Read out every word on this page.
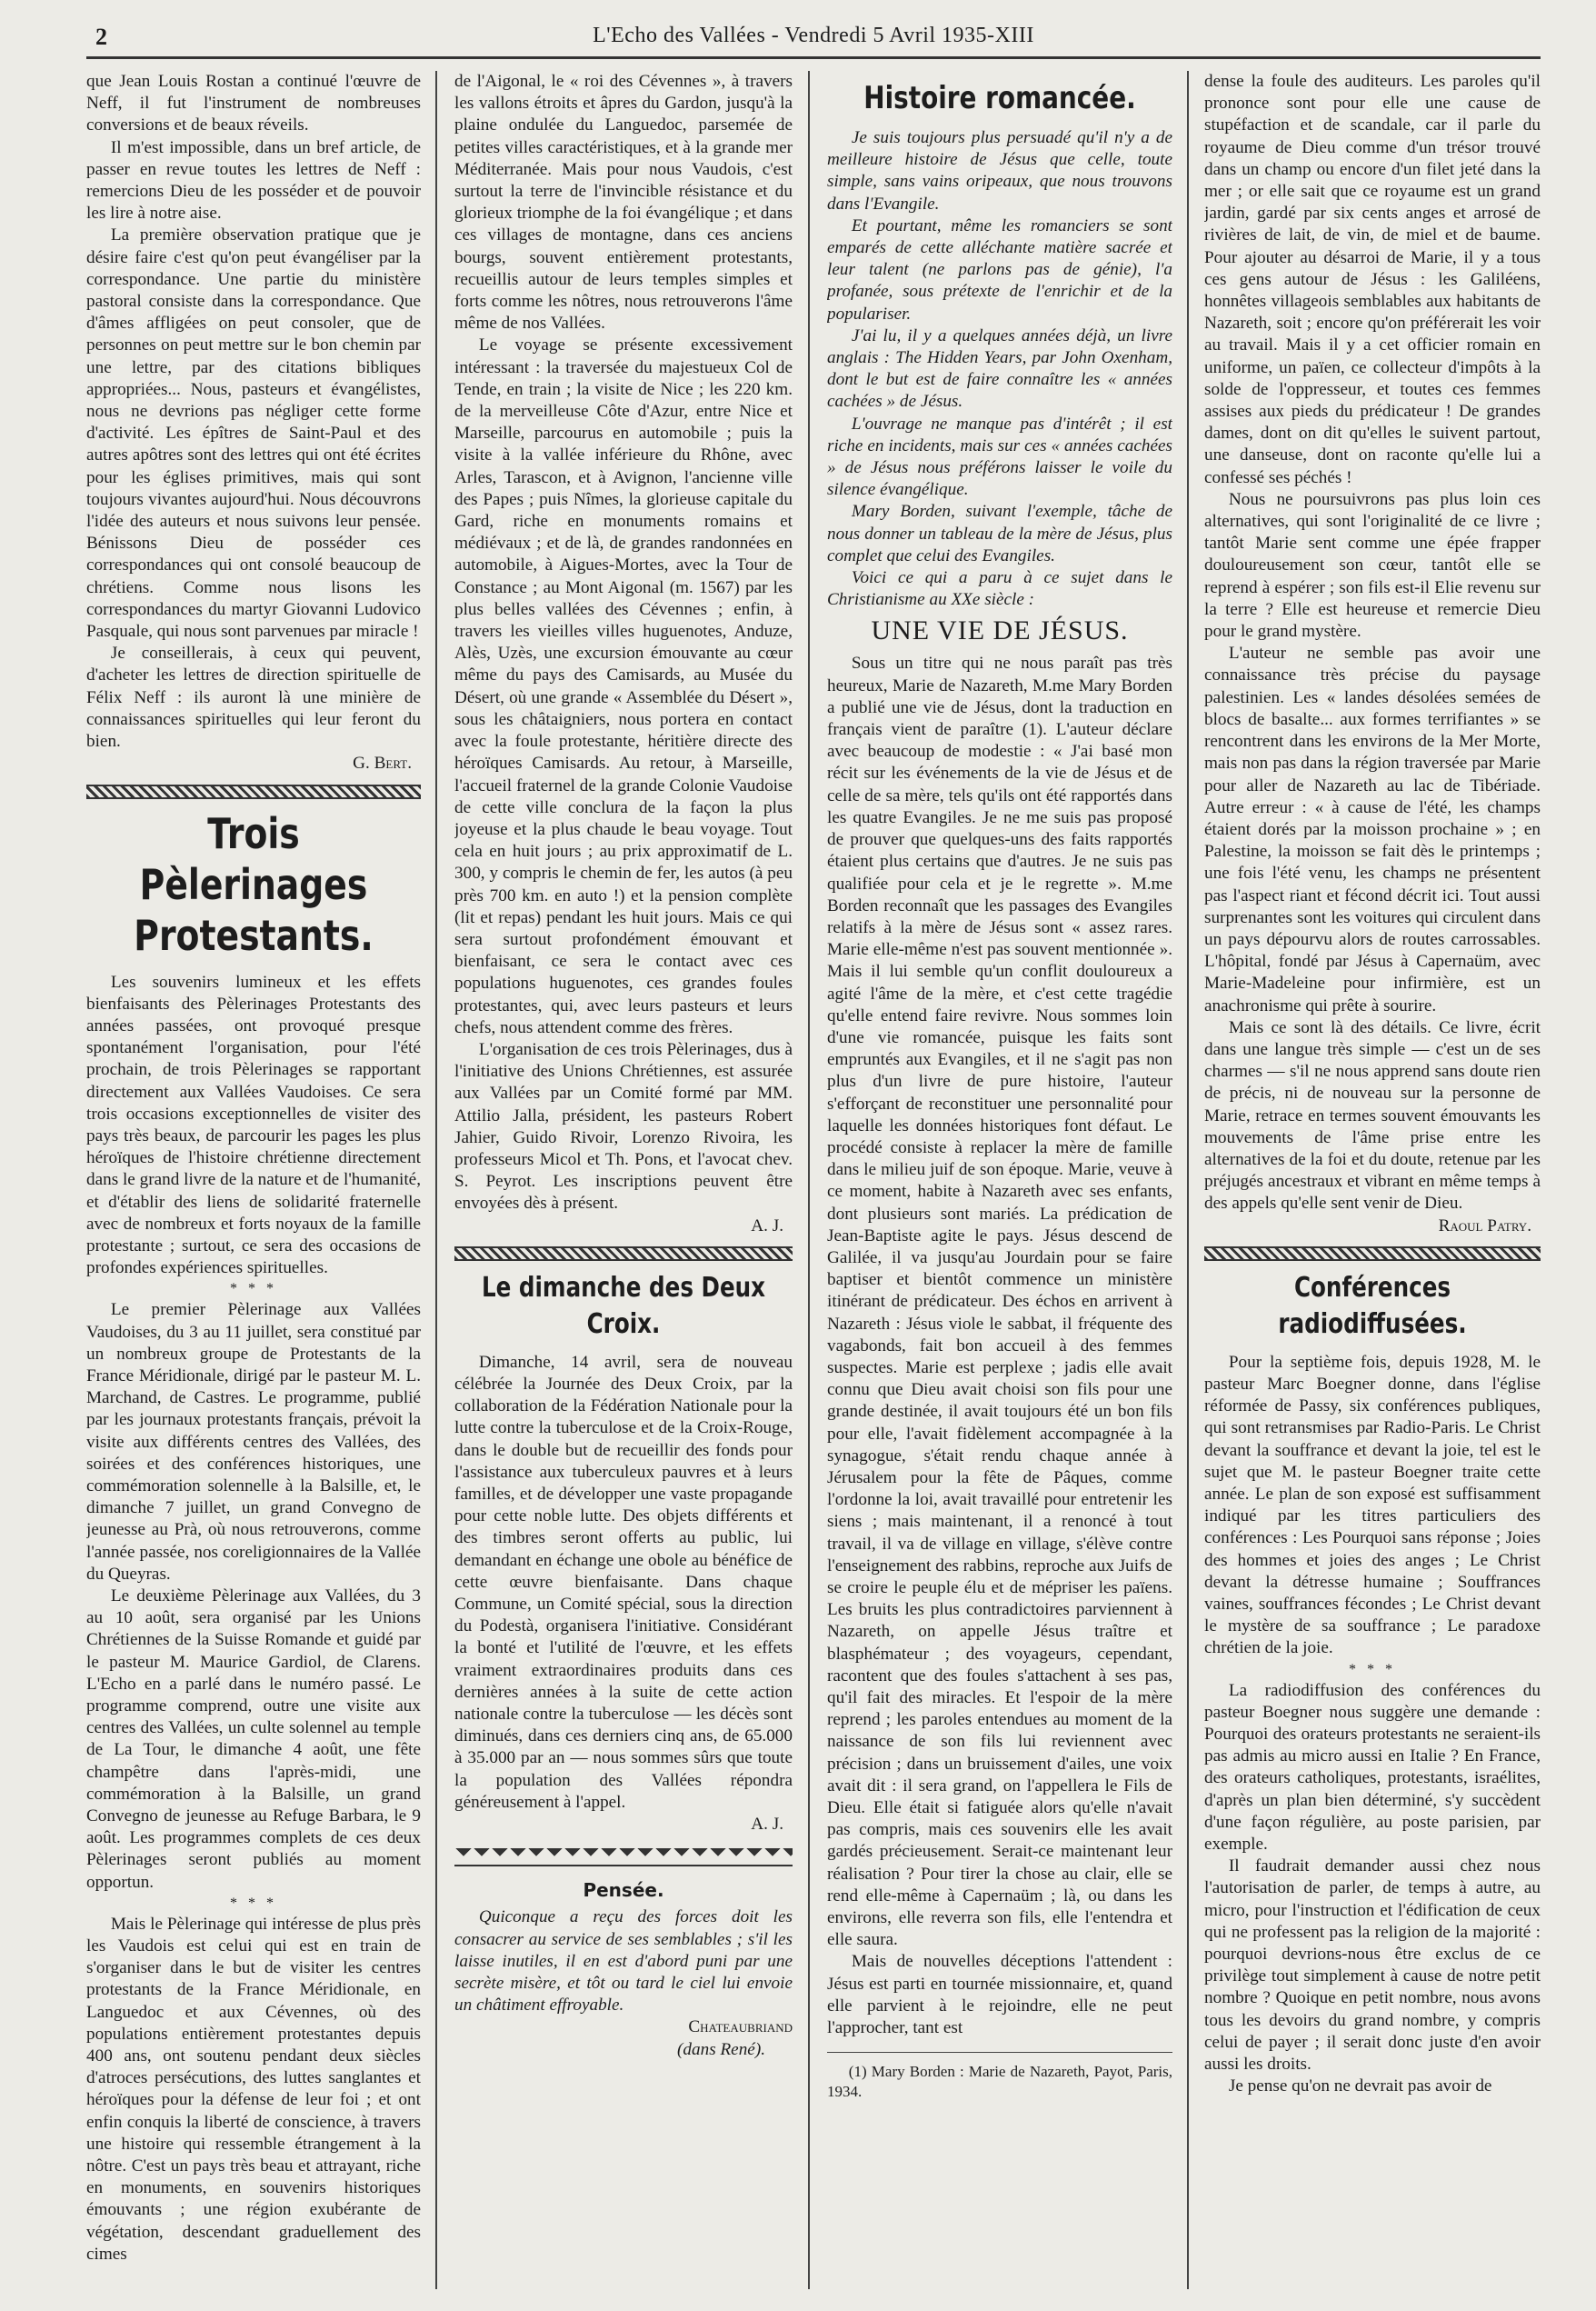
2	L'Echo des Vallées - Vendredi 5 Avril 1935-XIII

que Jean Louis Rostan a continué l'œuvre de Neff, il fut l'instrument de nombreuses conversions et de beaux réveils.

Il m'est impossible, dans un bref article, de passer en revue toutes les lettres de Neff : remercions Dieu de les posséder et de pouvoir les lire à notre aise.

La première observation pratique que je désire faire c'est qu'on peut évangéliser par la correspondance. Une partie du ministère pastoral consiste dans la correspondance. Que d'âmes affligées on peut consoler, que de personnes on peut mettre sur le bon chemin par une lettre, par des citations bibliques appropriées... Nous, pasteurs et évangélistes, nous ne devrions pas négliger cette forme d'activité. Les épîtres de Saint-Paul et des autres apôtres sont des lettres qui ont été écrites pour les églises primitives, mais qui sont toujours vivantes aujourd'hui. Nous découvrons l'idée des auteurs et nous suivons leur pensée. Bénissons Dieu de posséder ces correspondances qui ont consolé beaucoup de chrétiens. Comme nous lisons les correspondances du martyr Giovanni Ludovico Pasquale, qui nous sont parvenues par miracle !

Je conseillerais, à ceux qui peuvent, d'acheter les lettres de direction spirituelle de Félix Neff : ils auront là une minière de connaissances spirituelles qui leur feront du bien.

G. Bert.
Trois Pèlerinages Protestants.

Les souvenirs lumineux et les effets bienfaisants des Pèlerinages Protestants des années passées, ont provoqué presque spontanément l'organisation, pour l'été prochain, de trois Pèlerinages se rapportant directement aux Vallées Vaudoises. Ce sera trois occasions exceptionnelles de visiter des pays très beaux, de parcourir les pages les plus héroïques de l'histoire chrétienne directement dans le grand livre de la nature et de l'humanité, et d'établir des liens de solidarité fraternelle avec de nombreux et forts noyaux de la famille protestante ; surtout, ce sera des occasions de profondes expériences spirituelles.

* * *

Le premier Pèlerinage aux Vallées Vaudoises, du 3 au 11 juillet, sera constitué par un nombreux groupe de Protestants de la France Méridionale, dirigé par le pasteur M. L. Marchand, de Castres. Le programme, publié par les journaux protestants français, prévoit la visite aux différents centres des Vallées, des soirées et des conférences historiques, une commémoration solennelle à la Balsille, et, le dimanche 7 juillet, un grand Convegno de jeunesse au Prà, où nous retrouverons, comme l'année passée, nos coreligionnaires de la Vallée du Queyras.

Le deuxième Pèlerinage aux Vallées, du 3 au 10 août, sera organisé par les Unions Chrétiennes de la Suisse Romande et guidé par le pasteur M. Maurice Gardiol, de Clarens. L'Echo en a parlé dans le numéro passé. Le programme comprend, outre une visite aux centres des Vallées, un culte solennel au temple de La Tour, le dimanche 4 août, une fête champêtre dans l'après-midi, une commémoration à la Balsille, un grand Convegno de jeunesse au Refuge Barbara, le 9 août. Les programmes complets de ces deux Pèlerinages seront publiés au moment opportun.

* * *

Mais le Pèlerinage qui intéresse de plus près les Vaudois est celui qui est en train de s'organiser dans le but de visiter les centres protestants de la France Méridionale, en Languedoc et aux Cévennes, où des populations entièrement protestantes depuis 400 ans, ont soutenu pendant deux siècles d'atroces persécutions, des luttes sanglantes et héroïques pour la défense de leur foi ; et ont enfin conquis la liberté de conscience, à travers une histoire qui ressemble étrangement à la nôtre. C'est un pays très beau et attrayant, riche en monuments, en souvenirs historiques émouvants ; une région exubérante de végétation, descendant graduellement des cimes

de l'Aigonal, le « roi des Cévennes », à travers les vallons étroits et âpres du Gardon, jusqu'à la plaine ondulée du Languedoc, parsemée de petites villes caractéristiques, et à la grande mer Méditerranée. Mais pour nous Vaudois, c'est surtout la terre de l'invincible résistance et du glorieux triomphe de la foi évangélique ; et dans ces villages de montagne, dans ces anciens bourgs, souvent entièrement protestants, recueillis autour de leurs temples simples et forts comme les nôtres, nous retrouverons l'âme même de nos Vallées.

Le voyage se présente excessivement intéressant : la traversée du majestueux Col de Tende, en train ; la visite de Nice ; les 220 km. de la merveilleuse Côte d'Azur, entre Nice et Marseille, parcourus en automobile ; puis la visite à la vallée inférieure du Rhône, avec Arles, Tarascon, et à Avignon, l'ancienne ville des Papes ; puis Nîmes, la glorieuse capitale du Gard, riche en monuments romains et médiévaux ; et de là, de grandes randonnées en automobile, à Aigues-Mortes, avec la Tour de Constance ; au Mont Aigonal (m. 1567) par les plus belles vallées des Cévennes ; enfin, à travers les vieilles villes huguenotes, Anduze, Alès, Uzès, une excursion émouvante au cœur même du pays des Camisards, au Musée du Désert, où une grande « Assemblée du Désert », sous les châtaigniers, nous portera en contact avec la foule protestante, héritière directe des héroïques Camisards. Au retour, à Marseille, l'accueil fraternel de la grande Colonie Vaudoise de cette ville conclura de la façon la plus joyeuse et la plus chaude le beau voyage. Tout cela en huit jours ; au prix approximatif de L. 300, y compris le chemin de fer, les autos (à peu près 700 km. en auto !) et la pension complète (lit et repas) pendant les huit jours. Mais ce qui sera surtout profondément émouvant et bienfaisant, ce sera le contact avec ces populations huguenotes, ces grandes foules protestantes, qui, avec leurs pasteurs et leurs chefs, nous attendent comme des frères.

L'organisation de ces trois Pèlerinages, dus à l'initiative des Unions Chrétiennes, est assurée aux Vallées par un Comité formé par MM. Attilio Jalla, président, les pasteurs Robert Jahier, Guido Rivoir, Lorenzo Rivoira, les professeurs Micol et Th. Pons, et l'avocat chev. S. Peyrot. Les inscriptions peuvent être envoyées dès à présent.

A. J.
Le dimanche des Deux Croix.

Dimanche, 14 avril, sera de nouveau célébrée la Journée des Deux Croix, par la collaboration de la Fédération Nationale pour la lutte contre la tuberculose et de la Croix-Rouge, dans le double but de recueillir des fonds pour l'assistance aux tuberculeux pauvres et à leurs familles, et de développer une vaste propagande pour cette noble lutte. Des objets différents et des timbres seront offerts au public, lui demandant en échange une obole au bénéfice de cette œuvre bienfaisante. Dans chaque Commune, un Comité spécial, sous la direction du Podestà, organisera l'initiative. Considérant la bonté et l'utilité de l'œuvre, et les effets vraiment extraordinaires produits dans ces dernières années à la suite de cette action nationale contre la tuberculose — les décès sont diminués, dans ces derniers cinq ans, de 65.000 à 35.000 par an — nous sommes sûrs que toute la population des Vallées répondra généreusement à l'appel.

A. J.
Pensée.

Quiconque a reçu des forces doit les consacrer au service de ses semblables ; s'il les laisse inutiles, il en est d'abord puni par une secrète misère, et tôt ou tard le ciel lui envoie un châtiment effroyable.

Chateaubriand
(dans René).
Histoire romancée.

Je suis toujours plus persuadé qu'il n'y a de meilleure histoire de Jésus que celle, toute simple, sans vains oripeaux, que nous trouvons dans l'Evangile.

Et pourtant, même les romanciers se sont emparés de cette alléchante matière sacrée et leur talent (ne parlons pas de génie), l'a profanée, sous prétexte de l'enrichir et de la populariser.

J'ai lu, il y a quelques années déjà, un livre anglais : The Hidden Years, par John Oxenham, dont le but est de faire connaître les « années cachées » de Jésus.

L'ouvrage ne manque pas d'intérêt ; il est riche en incidents, mais sur ces « années cachées » de Jésus nous préférons laisser le voile du silence évangélique.

Mary Borden, suivant l'exemple, tâche de nous donner un tableau de la mère de Jésus, plus complet que celui des Evangiles.

Voici ce qui a paru à ce sujet dans le Christianisme au XXe siècle :

UNE VIE DE JÉSUS.

Sous un titre qui ne nous paraît pas très heureux, Marie de Nazareth, M.me Mary Borden a publié une vie de Jésus, dont la traduction en français vient de paraître (1). L'auteur déclare avec beaucoup de modestie : « J'ai basé mon récit sur les événements de la vie de Jésus et de celle de sa mère, tels qu'ils ont été rapportés dans les quatre Evangiles. Je ne me suis pas proposé de prouver que quelques-uns des faits rapportés étaient plus certains que d'autres. Je ne suis pas qualifiée pour cela et je le regrette ». M.me Borden reconnaît que les passages des Evangiles relatifs à la mère de Jésus sont « assez rares. Marie elle-même n'est pas souvent mentionnée ». Mais il lui semble qu'un conflit douloureux a agité l'âme de la mère, et c'est cette tragédie qu'elle entend faire revivre. Nous sommes loin d'une vie romancée, puisque les faits sont empruntés aux Evangiles, et il ne s'agit pas non plus d'un livre de pure histoire, l'auteur s'efforçant de reconstituer une personnalité pour laquelle les données historiques font défaut. Le procédé consiste à replacer la mère de famille dans le milieu juif de son époque. Marie, veuve à ce moment, habite à Nazareth avec ses enfants, dont plusieurs sont mariés. La prédication de Jean-Baptiste agite le pays. Jésus descend de Galilée, il va jusqu'au Jourdain pour se faire baptiser et bientôt commence un ministère itinérant de prédicateur. Des échos en arrivent à Nazareth : Jésus viole le sabbat, il fréquente des vagabonds, fait bon accueil à des femmes suspectes. Marie est perplexe ; jadis elle avait connu que Dieu avait choisi son fils pour une grande destinée, il avait toujours été un bon fils pour elle, l'avait fidèlement accompagnée à la synagogue, s'était rendu chaque année à Jérusalem pour la fête de Pâques, comme l'ordonne la loi, avait travaillé pour entretenir les siens ; mais maintenant, il a renoncé à tout travail, il va de village en village, s'élève contre l'enseignement des rabbins, reproche aux Juifs de se croire le peuple élu et de mépriser les païens. Les bruits les plus contradictoires parviennent à Nazareth, on appelle Jésus traître et blasphémateur ; des voyageurs, cependant, racontent que des foules s'attachent à ses pas, qu'il fait des miracles. Et l'espoir de la mère reprend ; les paroles entendues au moment de la naissance de son fils lui reviennent avec précision ; dans un bruissement d'ailes, une voix avait dit : il sera grand, on l'appellera le Fils de Dieu. Elle était si fatiguée alors qu'elle n'avait pas compris, mais ces souvenirs elle les avait gardés précieusement. Serait-ce maintenant leur réalisation ? Pour tirer la chose au clair, elle se rend elle-même à Capernaüm ; là, ou dans les environs, elle reverra son fils, elle l'entendra et elle saura.

Mais de nouvelles déceptions l'attendent : Jésus est parti en tournée missionnaire, et, quand elle parvient à le rejoindre, elle ne peut l'approcher, tant est

(1) Mary Borden : Marie de Nazareth, Payot, Paris, 1934.

dense la foule des auditeurs. Les paroles qu'il prononce sont pour elle une cause de stupéfaction et de scandale, car il parle du royaume de Dieu comme d'un trésor trouvé dans un champ ou encore d'un filet jeté dans la mer ; or elle sait que ce royaume est un grand jardin, gardé par six cents anges et arrosé de rivières de lait, de vin, de miel et de baume. Pour ajouter au désarroi de Marie, il y a tous ces gens autour de Jésus : les Galiléens, honnêtes villageois semblables aux habitants de Nazareth, soit ; encore qu'on préférerait les voir au travail. Mais il y a cet officier romain en uniforme, un païen, ce collecteur d'impôts à la solde de l'oppresseur, et toutes ces femmes assises aux pieds du prédicateur ! De grandes dames, dont on dit qu'elles le suivent partout, une danseuse, dont on raconte qu'elle lui a confessé ses péchés !

Nous ne poursuivrons pas plus loin ces alternatives, qui sont l'originalité de ce livre ; tantôt Marie sent comme une épée frapper douloureusement son cœur, tantôt elle se reprend à espérer ; son fils est-il Elie revenu sur la terre ? Elle est heureuse et remercie Dieu pour le grand mystère.

L'auteur ne semble pas avoir une connaissance très précise du paysage palestinien. Les « landes désolées semées de blocs de basalte... aux formes terrifiantes » se rencontrent dans les environs de la Mer Morte, mais non pas dans la région traversée par Marie pour aller de Nazareth au lac de Tibériade. Autre erreur : « à cause de l'été, les champs étaient dorés par la moisson prochaine » ; en Palestine, la moisson se fait dès le printemps ; une fois l'été venu, les champs ne présentent pas l'aspect riant et fécond décrit ici. Tout aussi surprenantes sont les voitures qui circulent dans un pays dépourvu alors de routes carrossables. L'hôpital, fondé par Jésus à Capernaüm, avec Marie-Madeleine pour infirmière, est un anachronisme qui prête à sourire.

Mais ce sont là des détails. Ce livre, écrit dans une langue très simple — c'est un de ses charmes — s'il ne nous apprend sans doute rien de précis, ni de nouveau sur la personne de Marie, retrace en termes souvent émouvants les mouvements de l'âme prise entre les alternatives de la foi et du doute, retenue par les préjugés ancestraux et vibrant en même temps à des appels qu'elle sent venir de Dieu.

Raoul Patry.
Conférences radiodiffusées.

Pour la septième fois, depuis 1928, M. le pasteur Marc Boegner donne, dans l'église réformée de Passy, six conférences publiques, qui sont retransmises par Radio-Paris. Le Christ devant la souffrance et devant la joie, tel est le sujet que M. le pasteur Boegner traite cette année. Le plan de son exposé est suffisamment indiqué par les titres particuliers des conférences : Les Pourquoi sans réponse ; Joies des hommes et joies des anges ; Le Christ devant la détresse humaine ; Souffrances vaines, souffrances fécondes ; Le Christ devant le mystère de sa souffrance ; Le paradoxe chrétien de la joie.

* * *

La radiodiffusion des conférences du pasteur Boegner nous suggère une demande : Pourquoi des orateurs protestants ne seraient-ils pas admis au micro aussi en Italie ? En France, des orateurs catholiques, protestants, israélites, d'après un plan bien déterminé, s'y succèdent d'une façon régulière, au poste parisien, par exemple.

Il faudrait demander aussi chez nous l'autorisation de parler, de temps à autre, au micro, pour l'instruction et l'édification de ceux qui ne professent pas la religion de la majorité : pourquoi devrions-nous être exclus de ce privilège tout simplement à cause de notre petit nombre ? Quoique en petit nombre, nous avons tous les devoirs du grand nombre, y compris celui de payer ; il serait donc juste d'en avoir aussi les droits.

Je pense qu'on ne devrait pas avoir de
